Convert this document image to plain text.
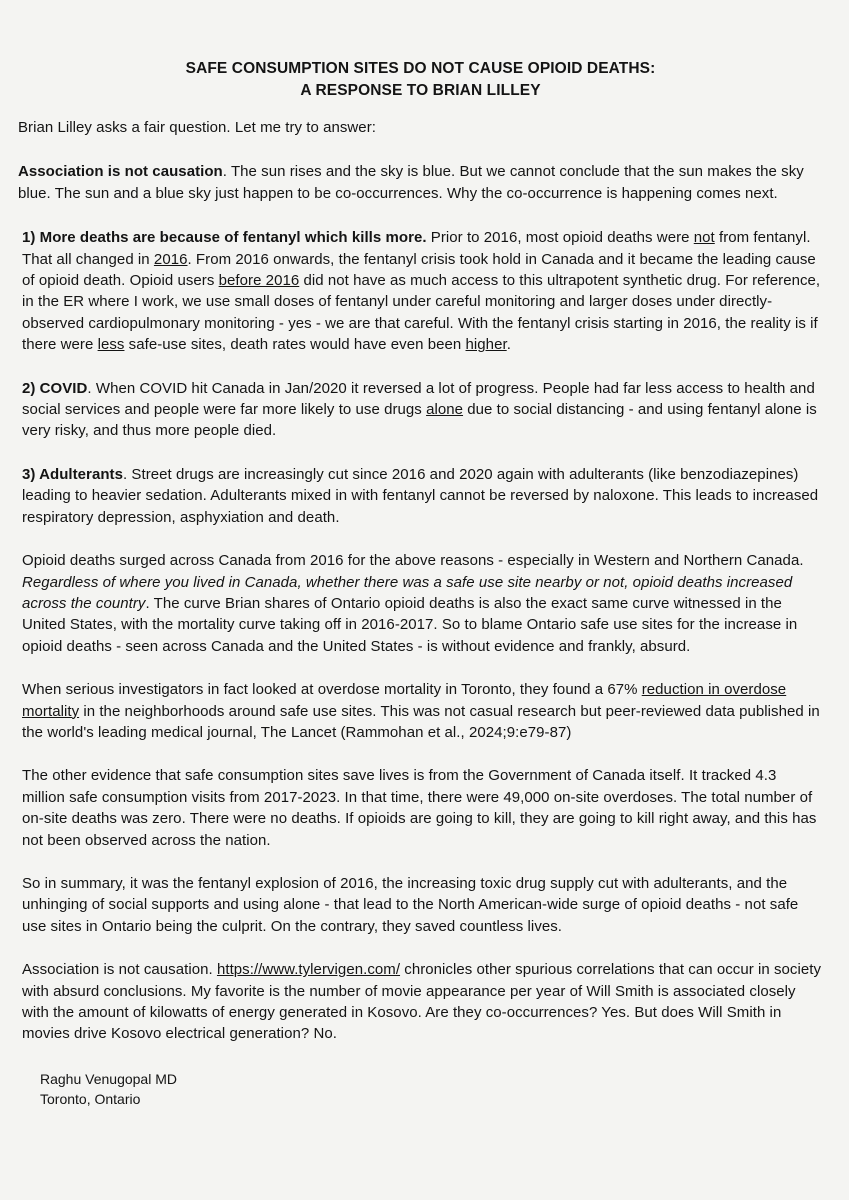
SAFE CONSUMPTION SITES DO NOT CAUSE OPIOID DEATHS:
A RESPONSE TO BRIAN LILLEY

Brian Lilley asks a fair question. Let me try to answer:

Association is not causation. The sun rises and the sky is blue. But we cannot conclude that the sun makes the sky blue. The sun and a blue sky just happen to be co-occurrences. Why the co-occurrence is happening comes next.

1) More deaths are because of fentanyl which kills more. Prior to 2016, most opioid deaths were not from fentanyl. That all changed in 2016. From 2016 onwards, the fentanyl crisis took hold in Canada and it became the leading cause of opioid death. Opioid users before 2016 did not have as much access to this ultrapotent synthetic drug. For reference, in the ER where I work, we use small doses of fentanyl under careful monitoring and larger doses under directly-observed cardiopulmonary monitoring - yes - we are that careful. With the fentanyl crisis starting in 2016, the reality is if there were less safe-use sites, death rates would have even been higher.

2) COVID. When COVID hit Canada in Jan/2020 it reversed a lot of progress. People had far less access to health and social services and people were far more likely to use drugs alone due to social distancing - and using fentanyl alone is very risky, and thus more people died.

3) Adulterants. Street drugs are increasingly cut since 2016 and 2020 again with adulterants (like benzodiazepines) leading to heavier sedation. Adulterants mixed in with fentanyl cannot be reversed by naloxone. This leads to increased respiratory depression, asphyxiation and death.

Opioid deaths surged across Canada from 2016 for the above reasons - especially in Western and Northern Canada. Regardless of where you lived in Canada, whether there was a safe use site nearby or not, opioid deaths increased across the country. The curve Brian shares of Ontario opioid deaths is also the exact same curve witnessed in the United States, with the mortality curve taking off in 2016-2017. So to blame Ontario safe use sites for the increase in opioid deaths - seen across Canada and the United States - is without evidence and frankly, absurd.

When serious investigators in fact looked at overdose mortality in Toronto, they found a 67% reduction in overdose mortality in the neighborhoods around safe use sites. This was not casual research but peer-reviewed data published in the world's leading medical journal, The Lancet (Rammohan et al., 2024;9:e79-87)

The other evidence that safe consumption sites save lives is from the Government of Canada itself. It tracked 4.3 million safe consumption visits from 2017-2023. In that time, there were 49,000 on-site overdoses. The total number of on-site deaths was zero. There were no deaths. If opioids are going to kill, they are going to kill right away, and this has not been observed across the nation.

So in summary, it was the fentanyl explosion of 2016, the increasing toxic drug supply cut with adulterants, and the unhinging of social supports and using alone - that lead to the North American-wide surge of opioid deaths - not safe use sites in Ontario being the culprit. On the contrary, they saved countless lives.

Association is not causation. https://www.tylervigen.com/ chronicles other spurious correlations that can occur in society with absurd conclusions. My favorite is the number of movie appearance per year of Will Smith is associated closely with the amount of kilowatts of energy generated in Kosovo. Are they co-occurrences? Yes. But does Will Smith in movies drive Kosovo electrical generation? No.

Raghu Venugopal MD
Toronto, Ontario
